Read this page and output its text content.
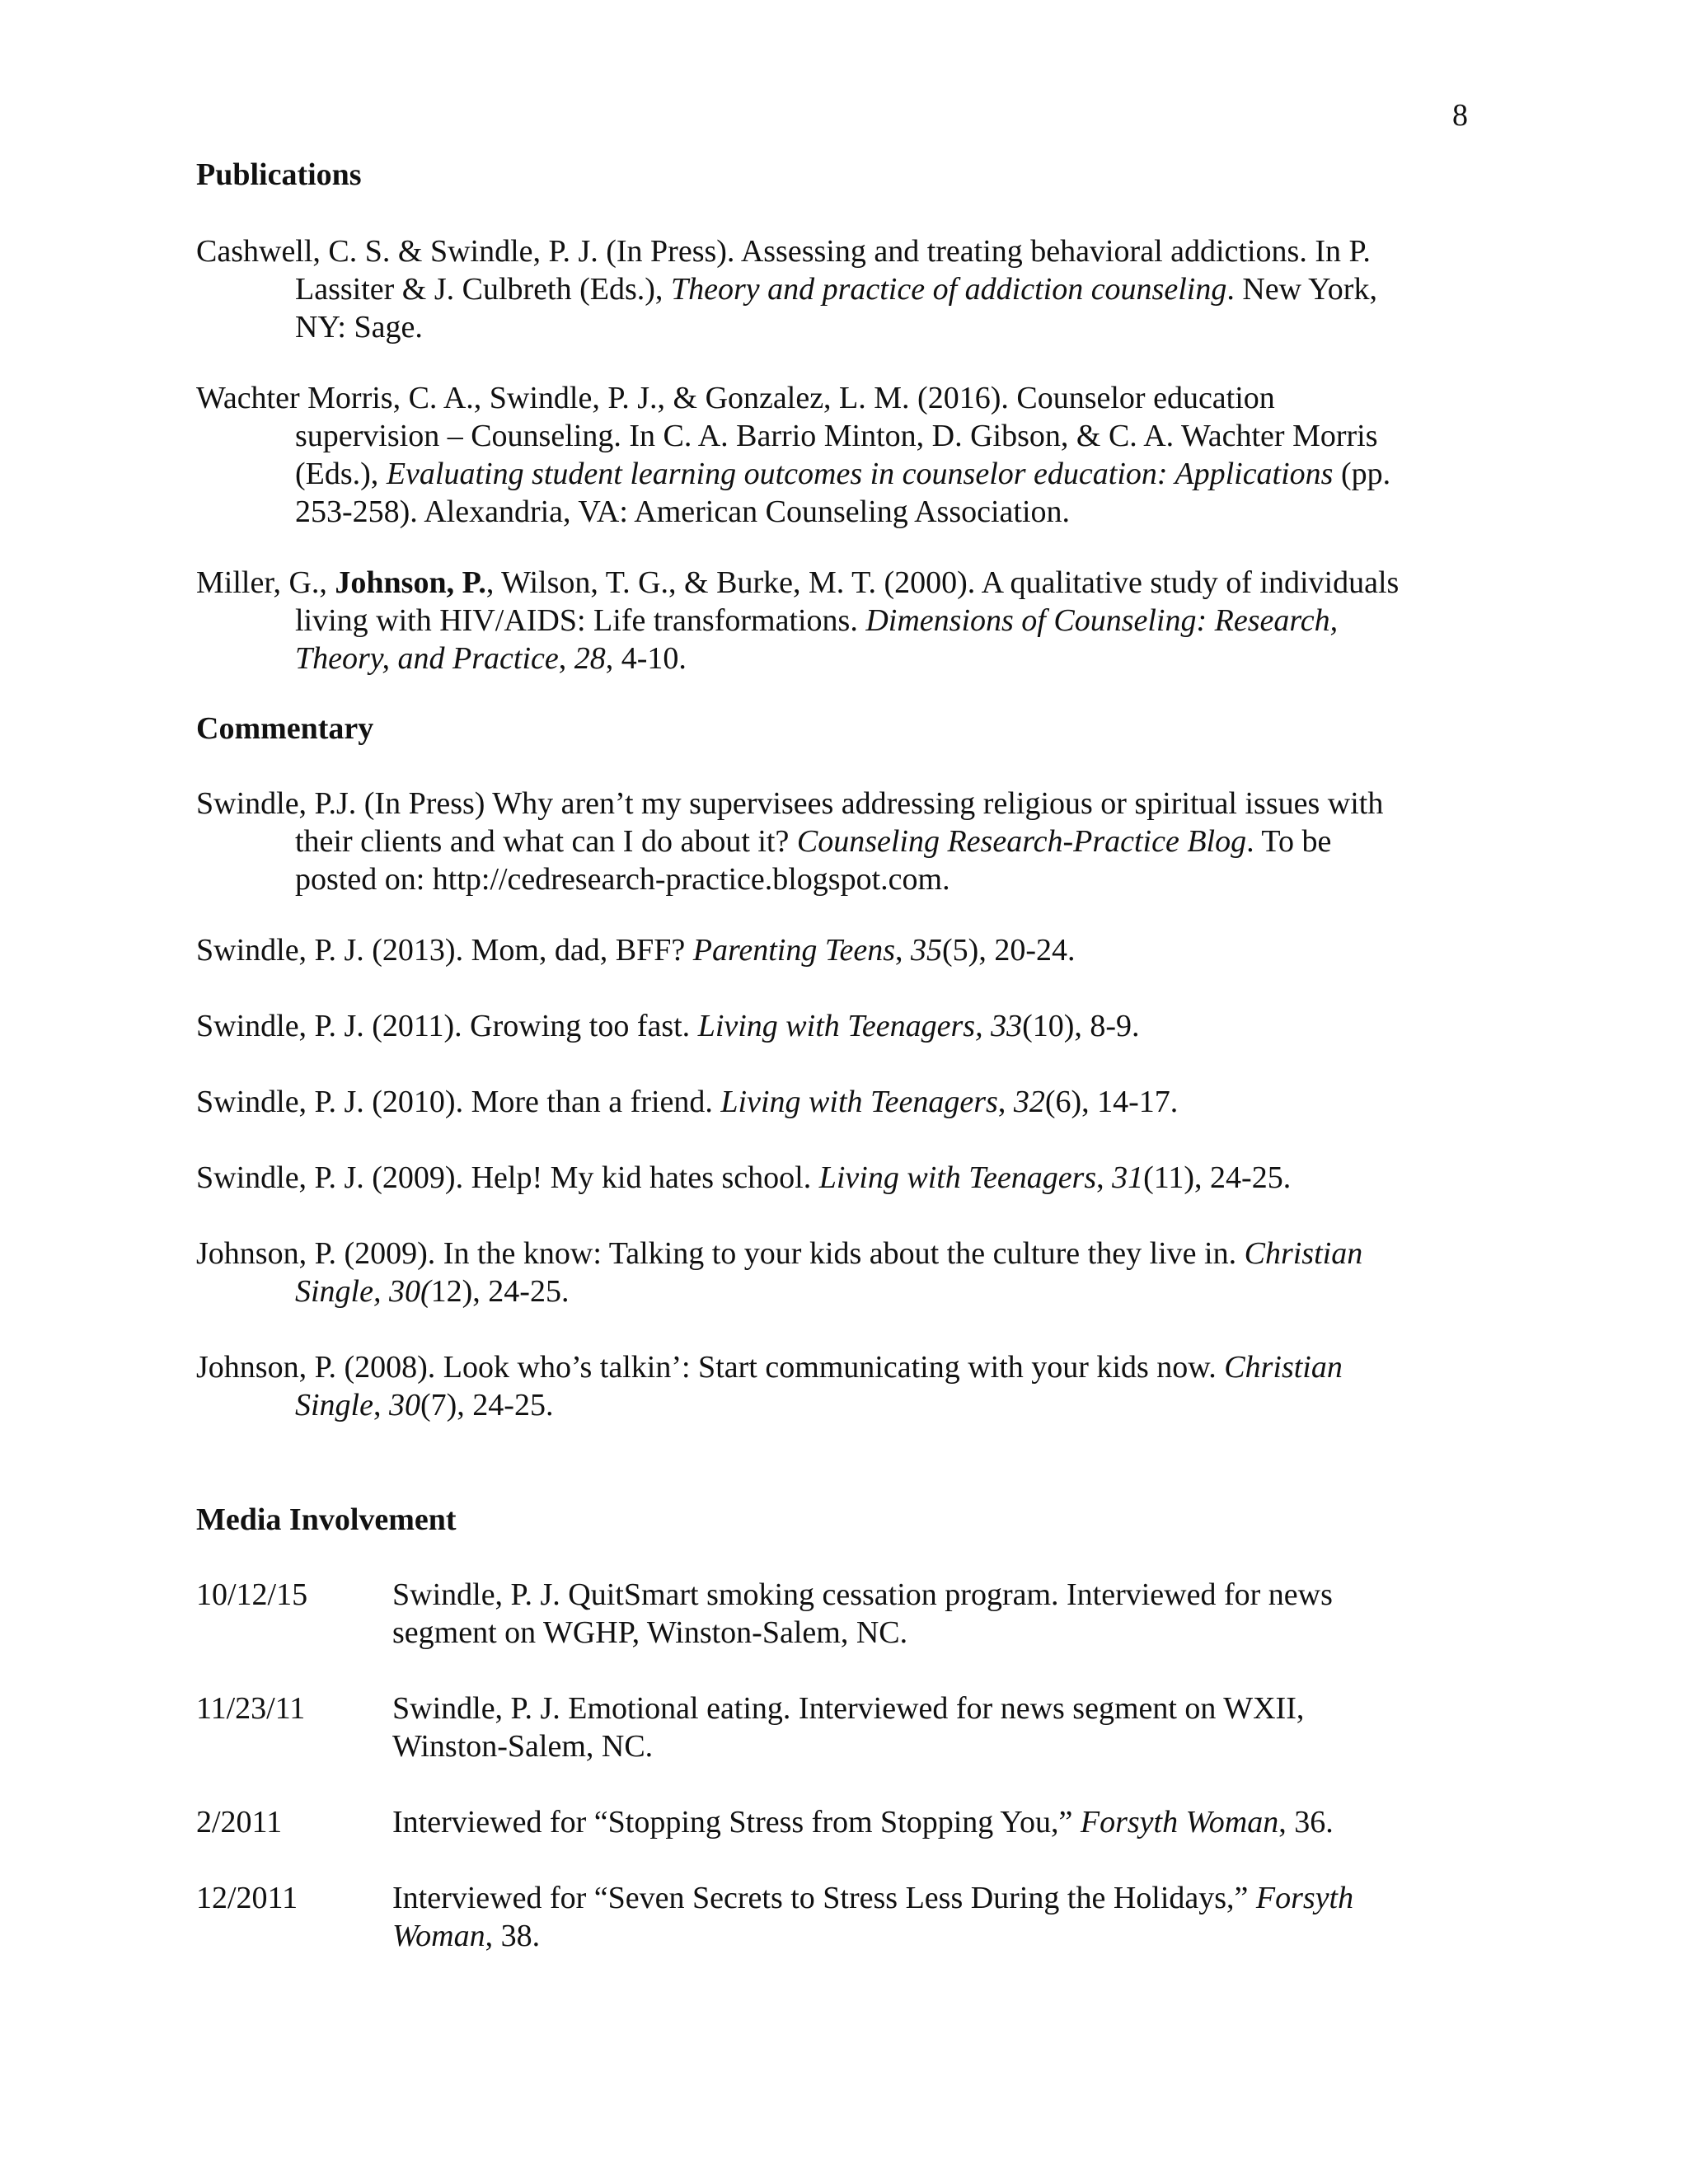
8
Publications
Cashwell, C. S. & Swindle, P. J. (In Press). Assessing and treating behavioral addictions. In P.
Lassiter & J. Culbreth (Eds.), Theory and practice of addiction counseling. New York,
NY: Sage.
Wachter Morris, C. A., Swindle, P. J., & Gonzalez, L. M. (2016). Counselor education
supervision – Counseling. In C. A. Barrio Minton, D. Gibson, & C. A. Wachter Morris
(Eds.), Evaluating student learning outcomes in counselor education: Applications (pp.
253-258). Alexandria, VA: American Counseling Association.
Miller, G., Johnson, P., Wilson, T. G., & Burke, M. T. (2000). A qualitative study of individuals
living with HIV/AIDS: Life transformations. Dimensions of Counseling: Research,
Theory, and Practice, 28, 4-10.
Commentary
Swindle, P.J. (In Press) Why aren’t my supervisees addressing religious or spiritual issues with
their clients and what can I do about it? Counseling Research-Practice Blog. To be
posted on: http://cedresearch-practice.blogspot.com.
Swindle, P. J. (2013). Mom, dad, BFF? Parenting Teens, 35(5), 20-24.
Swindle, P. J. (2011). Growing too fast. Living with Teenagers, 33(10), 8-9.
Swindle, P. J. (2010). More than a friend. Living with Teenagers, 32(6), 14-17.
Swindle, P. J. (2009). Help! My kid hates school. Living with Teenagers, 31(11), 24-25.
Johnson, P. (2009). In the know: Talking to your kids about the culture they live in. Christian
Single, 30(12), 24-25.
Johnson, P. (2008). Look who’s talkin’: Start communicating with your kids now. Christian
Single, 30(7), 24-25.
Media Involvement
10/12/15	Swindle, P. J. QuitSmart smoking cessation program. Interviewed for news
segment on WGHP, Winston-Salem, NC.
11/23/11	Swindle, P. J. Emotional eating. Interviewed for news segment on WXII,
Winston-Salem, NC.
2/2011	Interviewed for “Stopping Stress from Stopping You,” Forsyth Woman, 36.
12/2011	Interviewed for “Seven Secrets to Stress Less During the Holidays,” Forsyth
Woman, 38.
